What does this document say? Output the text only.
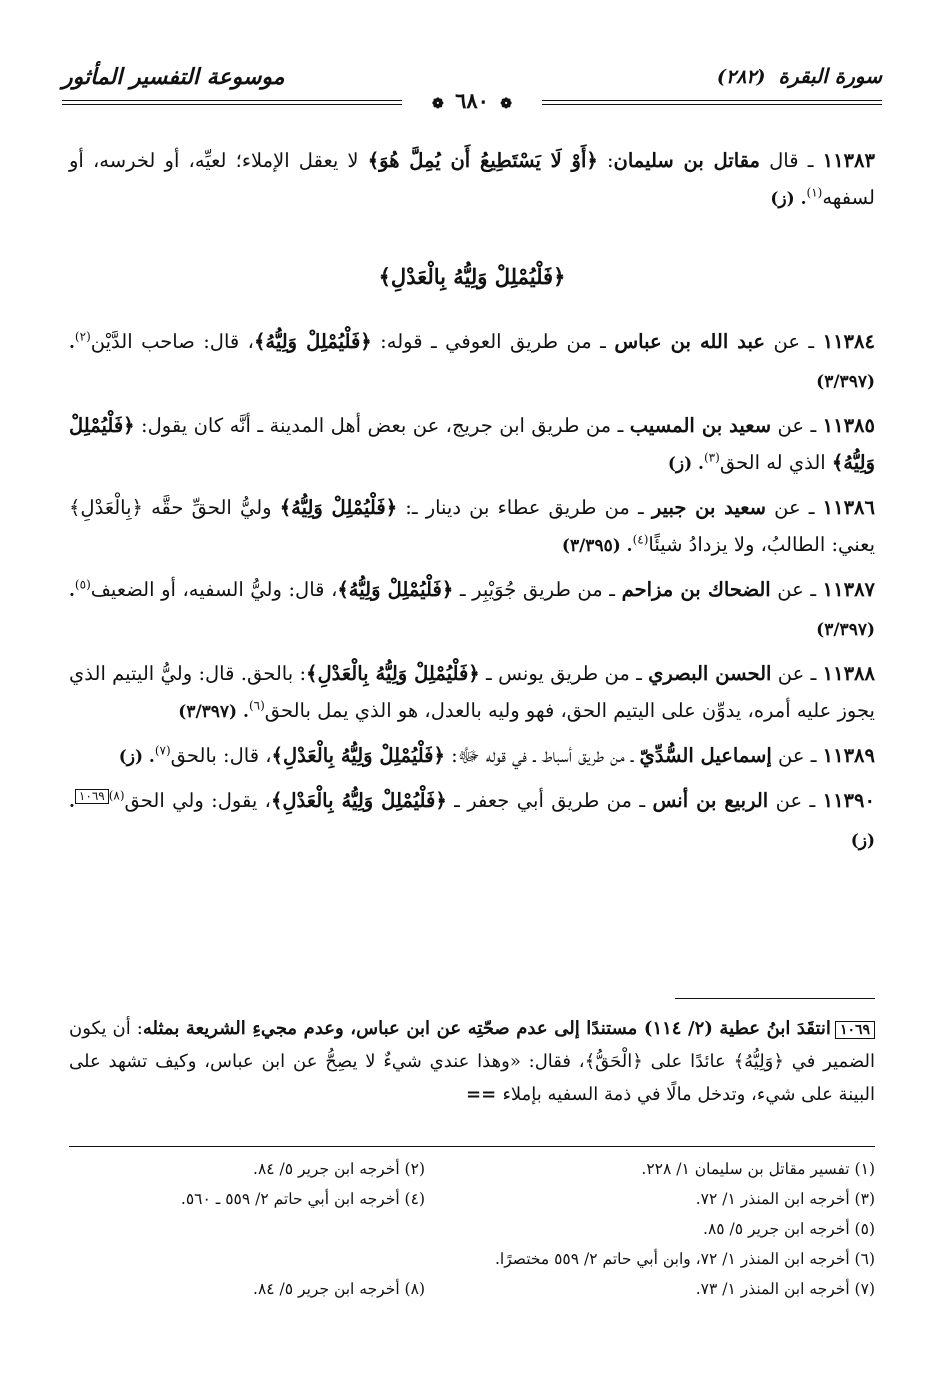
سورة البقرة (٢٨٢)
موسوعة التفسير المأثور
❁ ٦٨٠ ❁

١١٣٨٣ ـ قال مقاتل بن سليمان: ﴿أَوْ لَا يَسْتَطِيعُ أَن يُمِلَّ هُوَ﴾ لا يعقل الإملاء؛ لعيِّه، أو لخرسه، أو لسفهه$^{(١)}$. (ز)

﴿فَلْيُمْلِلْ وَلِيُّهُ بِالْعَدْلِ﴾

١١٣٨٤ ـ عن عبد الله بن عباس ـ من طريق العوفي ـ قوله: ﴿فَلْيُمْلِلْ وَلِيُّهُ﴾، قال: صاحب الدَّيْن$^{(٢)}$. (٣/٣٩٧)

١١٣٨٥ ـ عن سعيد بن المسيب ـ من طريق ابن جريج، عن بعض أهل المدينة ـ أنَّه كان يقول: ﴿فَلْيُمْلِلْ وَلِيُّهُ﴾ الذي له الحق$^{(٣)}$. (ز)

١١٣٨٦ ـ عن سعيد بن جبير ـ من طريق عطاء بن دينار ـ: ﴿فَلْيُمْلِلْ وَلِيُّهُ﴾ وليُّ الحقِّ حقَّه ﴿بِالْعَدْلِ﴾ يعني: الطالبُ، ولا يزدادُ شيئًا$^{(٤)}$. (٣/٣٩٥)

١١٣٨٧ ـ عن الضحاك بن مزاحم ـ من طريق جُوَيْبِر ـ ﴿فَلْيُمْلِلْ وَلِيُّهُ﴾، قال: وليُّ السفيه، أو الضعيف$^{(٥)}$. (٣/٣٩٧)

١١٣٨٨ ـ عن الحسن البصري ـ من طريق يونس ـ ﴿فَلْيُمْلِلْ وَلِيُّهُ بِالْعَدْلِ﴾: بالحق. قال: وليُّ اليتيم الذي يجوز عليه أمره، يدوِّن على اليتيم الحق، فهو وليه بالعدل، هو الذي يمل بالحق$^{(٦)}$. (٣/٣٩٧)

١١٣٨٩ ـ عن إسماعيل السُّدِّيّ ـ من طريق أسباط ـ في قوله ﷻ: ﴿فَلْيُمْلِلْ وَلِيُّهُ بِالْعَدْلِ﴾، قال: بالحق$^{(٧)}$. (ز)

١١٣٩٠ ـ عن الربيع بن أنس ـ من طريق أبي جعفر ـ ﴿فَلْيُمْلِلْ وَلِيُّهُ بِالْعَدْلِ﴾، يقول: ولي الحق$^{(٨)}$١٠٦٩. (ز)

١٠٦٩انتقَدَ ابنُ عطية (٢/ ١١٤) مستندًا إلى عدم صحّتِه عن ابن عباس، وعدم مجيءِ الشريعة بمثله: أن يكون الضمير في ﴿وَلِيُّهُ﴾ عائدًا على ﴿الْحَقُّ﴾، فقال: «وهذا عندي شيءٌ لا يصِحُّ عن ابن عباس، وكيف تشهد على البينة على شيء، وتدخل مالًا في ذمة السفيه بإملاء ==
(١) تفسير مقاتل بن سليمان ١/ ٢٢٨.
(٢) أخرجه ابن جرير ٥/ ٨٤.
(٣) أخرجه ابن المنذر ١/ ٧٢.
(٤) أخرجه ابن أبي حاتم ٢/ ٥٥٩ ـ ٥٦٠.
(٥) أخرجه ابن جرير ٥/ ٨٥.
(٦) أخرجه ابن المنذر ١/ ٧٢، وابن أبي حاتم ٢/ ٥٥٩ مختصرًا.
(٧) أخرجه ابن المنذر ١/ ٧٣.
(٨) أخرجه ابن جرير ٥/ ٨٤.
